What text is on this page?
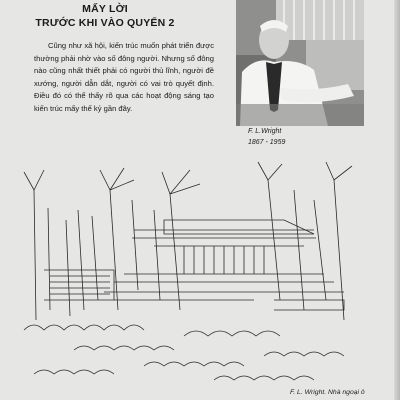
MẤY LỜI
TRƯỚC KHI VÀO QUYỂN 2

Cũng như xã hội, kiến trúc muốn phát triển được thường phải nhờ vào số đông người. Nhưng số đông nào cũng nhất thiết phải có người thủ lĩnh, người đề xướng, người dẫn dắt, người có vai trò quyết định. Điều đó có thể thấy rõ qua các hoạt động sáng tạo kiến trúc mấy thế kỷ gần đây.

F. L.Wright
1867 - 1959
F. L. Wright. Nhà ngoại ô
